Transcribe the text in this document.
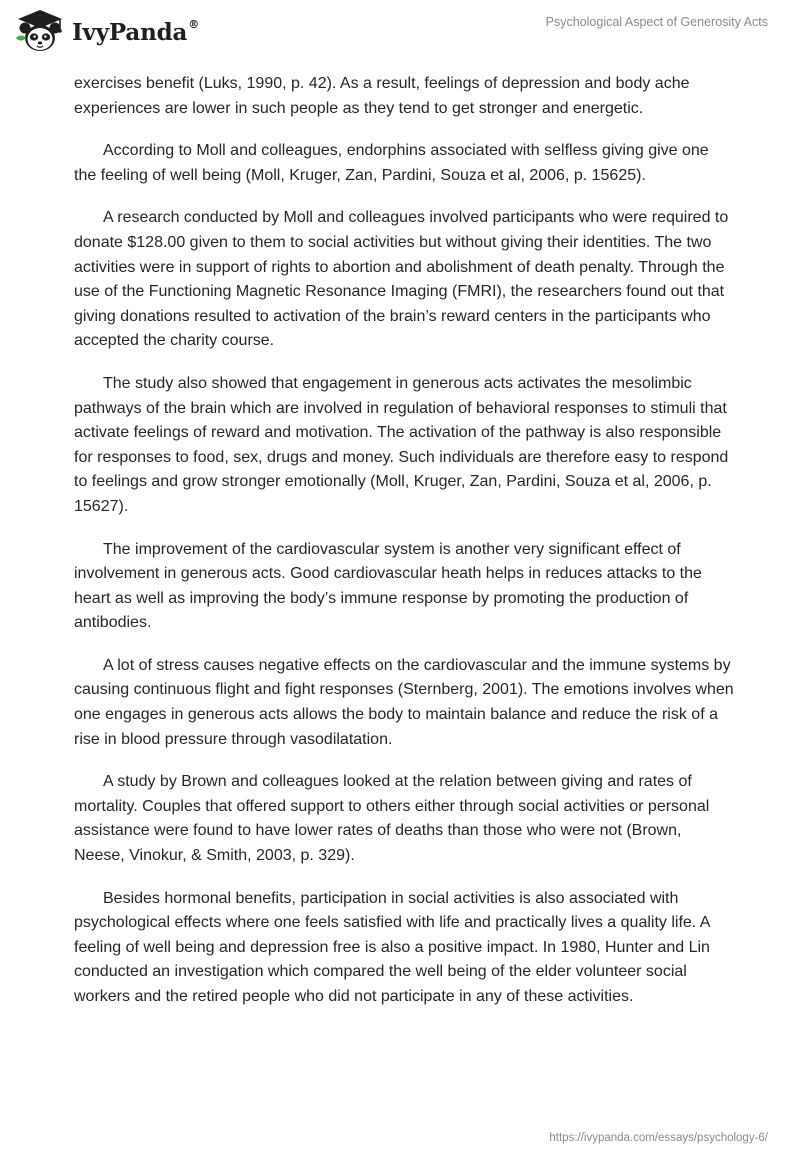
IvyPanda®	Psychological Aspect of Generosity Acts

exercises benefit (Luks, 1990, p. 42). As a result, feelings of depression and body ache experiences are lower in such people as they tend to get stronger and energetic.

According to Moll and colleagues, endorphins associated with selfless giving give one the feeling of well being (Moll, Kruger, Zan, Pardini, Souza et al, 2006, p. 15625).

A research conducted by Moll and colleagues involved participants who were required to donate $128.00 given to them to social activities but without giving their identities. The two activities were in support of rights to abortion and abolishment of death penalty. Through the use of the Functioning Magnetic Resonance Imaging (FMRI), the researchers found out that giving donations resulted to activation of the brain’s reward centers in the participants who accepted the charity course.

The study also showed that engagement in generous acts activates the mesolimbic pathways of the brain which are involved in regulation of behavioral responses to stimuli that activate feelings of reward and motivation. The activation of the pathway is also responsible for responses to food, sex, drugs and money. Such individuals are therefore easy to respond to feelings and grow stronger emotionally (Moll, Kruger, Zan, Pardini, Souza et al, 2006, p. 15627).

The improvement of the cardiovascular system is another very significant effect of involvement in generous acts. Good cardiovascular heath helps in reduces attacks to the heart as well as improving the body’s immune response by promoting the production of antibodies.

A lot of stress causes negative effects on the cardiovascular and the immune systems by causing continuous flight and fight responses (Sternberg, 2001). The emotions involves when one engages in generous acts allows the body to maintain balance and reduce the risk of a rise in blood pressure through vasodilatation.

A study by Brown and colleagues looked at the relation between giving and rates of mortality. Couples that offered support to others either through social activities or personal assistance were found to have lower rates of deaths than those who were not (Brown, Neese, Vinokur, & Smith, 2003, p. 329).

Besides hormonal benefits, participation in social activities is also associated with psychological effects where one feels satisfied with life and practically lives a quality life. A feeling of well being and depression free is also a positive impact. In 1980, Hunter and Lin conducted an investigation which compared the well being of the elder volunteer social workers and the retired people who did not participate in any of these activities.

https://ivypanda.com/essays/psychology-6/
